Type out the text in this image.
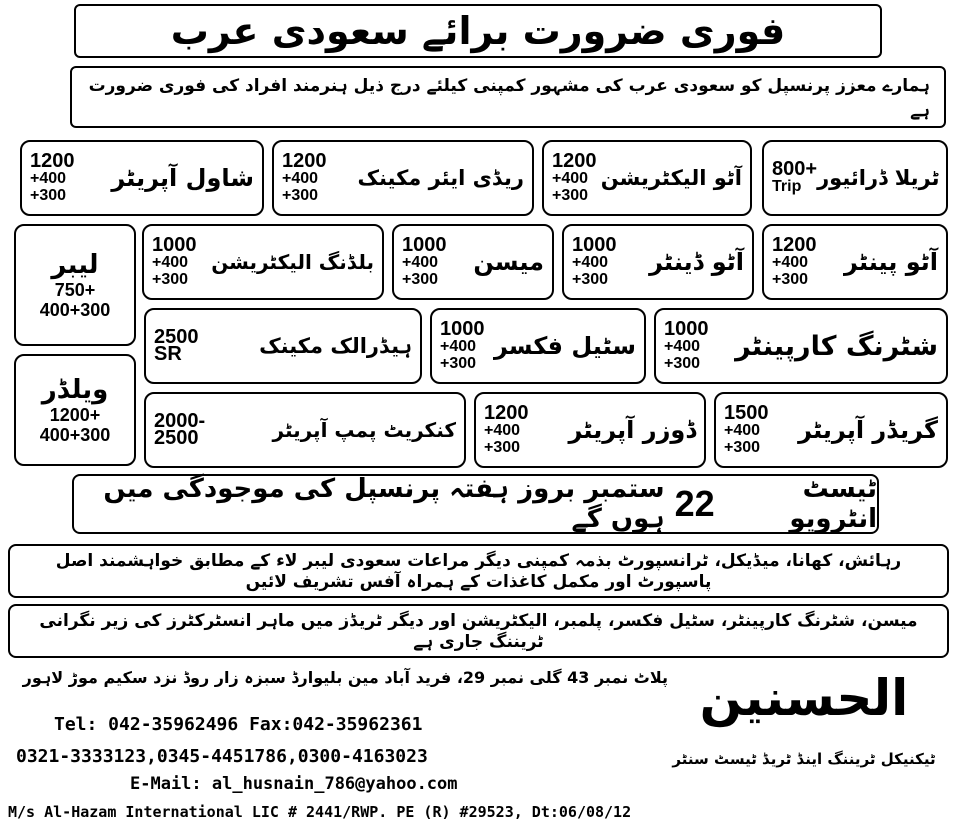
فوری ضرورت برائے سعودی عرب
ہمارے معزز پرنسپل کو سعودی عرب کی مشہور کمپنی کیلئے درج ذیل ہنرمند افراد کی فوری ضرورت ہے
800+
Trip ٹریلا ڈرائیور
1200
+400
+300
آٹو الیکٹریشن
1200
+400
+300
ریڈی ایئر مکینک
1200
+400
+300
شاول آپریٹر
1200
+400
+300
آٹو پینٹر
1000
+400
+300
آٹو ڈینٹر
1000
+400
+300
میسن
1000
+400
+300
بلڈنگ الیکٹریشن
لیبر
750+
400+300
1000
+400
+300
شٹرنگ کارپینٹر
1000
+400
+300
سٹیل فکسر
2500
SR	ہیڈرالک مکینک
ویلڈر
1200+
400+300
1500
+400
+300
گریڈر آپریٹر
1200
+400
+300
ڈوزر آپریٹر
2000-
2500	کنکریٹ پمپ آپریٹر
ٹیسٹ انٹرویو
22
ستمبر بروز ہفتہ پرنسپل کی موجودگی میں ہوں گے
رہائش، کھانا، میڈیکل، ٹرانسپورٹ بذمہ کمپنی دیگر مراعات سعودی لیبر لاء کے مطابق خواہشمند اصل پاسپورٹ اور مکمل کاغذات کے ہمراہ آفس تشریف لائیں
میسن، شٹرنگ کارپینٹر، سٹیل فکسر، پلمبر، الیکٹریشن اور دیگر ٹریڈز میں ماہر انسٹرکٹرز کی زیر نگرانی ٹریننگ جاری ہے
الحسنین
ٹیکنیکل ٹریننگ اینڈ ٹریڈ ٹیسٹ سنٹر
پلاٹ نمبر 43 گلی نمبر 29، فرید آباد مین بلیوارڈ سبزہ زار روڈ نزد سکیم موڑ لاہور
Tel: 042-35962496 Fax:042-35962361
0321-3333123,0345-4451786,0300-4163023
E-Mail: al_husnain_786@yahoo.com
M/s Al-Hazam International LIC # 2441/RWP. PE (R) #29523, Dt:06/08/12
